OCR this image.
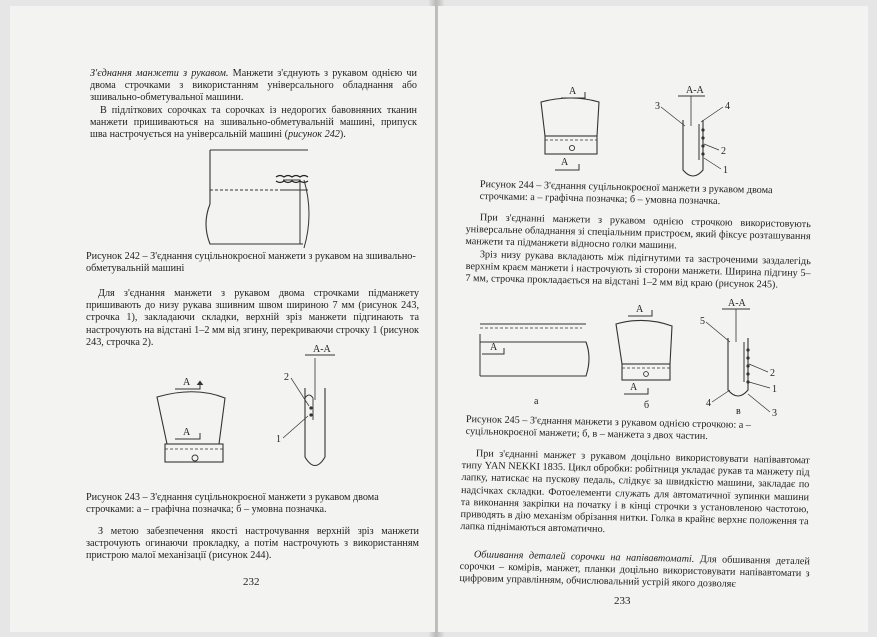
З'єднання манжети з рукавом. Манжети з'єднують з рукавом однією чи двома строчками з використанням універсального обладнання або зшивально-обметувальної машини.
В підліткових сорочках та сорочках із недорогих бавовняних тканин манжети пришиваються на зшивально-обметувальній машині, припуск шва настрочується на універсальній машині (рисунок 242).
Рисунок 242 – З'єднання суцільнокроєної манжети з рукавом на зшивально-обметувальній машині
Для з'єднання манжети з рукавом двома строчками підманжету пришивають до низу рукава зшивним швом шириною 7 мм (рисунок 243, строчка 1), закладаючи складки, верхній зріз манжети підгинають та настрочують на відстані 1–2 мм від згину, перекриваючи строчку 1 (рисунок 243, строчка 2).
А-А
А
А
2
1
Рисунок 243 – З'єднання суцільнокроєної манжети з рукавом двома строчками: а – графічна позначка; б – умовна позначка.
З метою забезпечення якості настрочування верхній зріз манжети застрочують огинаючи прокладку, а потім настрочують з використанням пристрою малої механізації (рисунок 244).
232
А
А
А-А
3	4
2
1
Рисунок 244 – З'єднання суцільнокроєної манжети з рукавом двома строчками: а – графічна позначка; б – умовна позначка.
При з'єднанні манжети з рукавом однією строчкою використовують універсальне обладнання зі спеціальним пристроєм, який фіксує розташування манжети та підманжети відносно голки машини.
Зріз низу рукава вкладають між підігнутими та застроченими заздалегідь верхнім краєм манжети і настрочують зі сторони манжети. Ширина підгину 5–7 мм, строчка прокладається на відстані 1–2 мм від краю (рисунок 245).
А
а
А
А
б
А-А
5
2
1
4
в	3
Рисунок 245 – З'єднання манжети з рукавом однією строчкою: а – суцільнокроєної манжети; б, в – манжета з двох частин.
При з'єднанні манжет з рукавом доцільно використовувати напівавтомат типу YAN NEKKI 1835. Цикл обробки: робітниця укладає рукав та манжету під лапку, натискає на пускову педаль, слідкує за швидкістю машини, закладає по надсічках складки. Фотоелементи служать для автоматичної зупинки машини та виконання закріпки на початку і в кінці строчки з установленою частотою, приводять в дію механізм обрізання нитки. Голка в крайнє верхнє положення та лапка піднімаються автоматично.
Обшивання деталей сорочки на напівавтоматі. Для обшивання деталей сорочки – комірів, манжет, планки доцільно використовувати напівавтомати з цифровим управлінням, обчислювальний устрій якого дозволяє
233
